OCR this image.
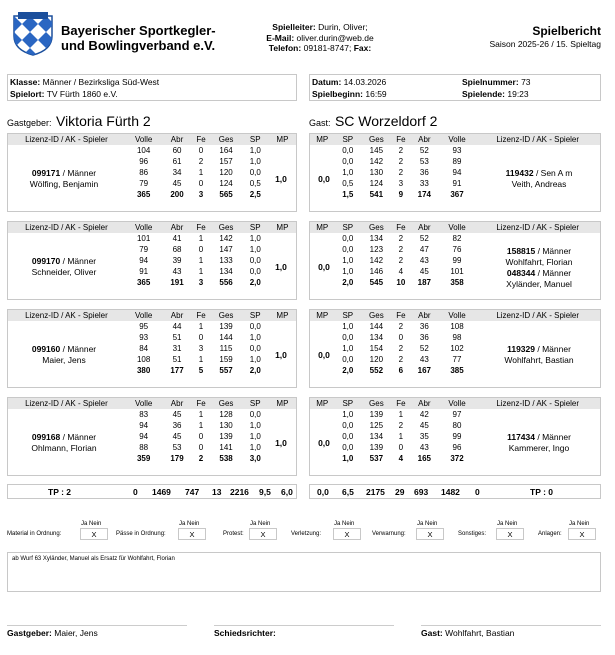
Bayerischer Sportkegler-
und Bowlingverband e.V.
Spielleiter: Durin, Oliver;
E-Mail: oliver.durin@web.de
Telefon: 09181-8747; Fax:
Spielbericht
Saison 2025-26 / 15. Spieltag
Klasse: Männer / Bezirksliga Süd-West
Spielort: TV Fürth 1860 e.V.
Datum: 14.03.2026
Spielbeginn: 16:59
Spielnummer: 73
Spielende: 19:23
Gastgeber: Viktoria Fürth 2	Gast: SC Worzeldorf 2
Lizenz-ID / AK - Spieler	Volle	Abr	Fe	Ges	SP	MP
	104	60	0	164	1,0	
	96	61	2	157	1,0	
	86	34	1	120	0,0	
	79	45	0	124	0,5	
	365	200	3	565	2,5	
1,0
099171 / Männer
Wölfing, Benjamin
MP	SP	Ges	Fe	Abr	Volle	Lizenz-ID / AK - Spieler
	0,0	145	2	52	93	
	0,0	142	2	53	89	
	1,0	130	2	36	94	
	0,5	124	3	33	91	
	1,5	541	9	174	367	
0,0
119432 / Sen A m
Veith, Andreas
Lizenz-ID / AK - Spieler	Volle	Abr	Fe	Ges	SP	MP
	101	41	1	142	1,0	
	79	68	0	147	1,0	
	94	39	1	133	0,0	
	91	43	1	134	0,0	
	365	191	3	556	2,0	
1,0
099170 / Männer
Schneider, Oliver
MP	SP	Ges	Fe	Abr	Volle	Lizenz-ID / AK - Spieler
	0,0	134	2	52	82	
	0,0	123	2	47	76	
	1,0	142	2	43	99	
	1,0	146	4	45	101	
	2,0	545	10	187	358	
0,0
158815 / Männer
Wohlfahrt, Florian
048344 / Männer
Xyländer, Manuel
Lizenz-ID / AK - Spieler	Volle	Abr	Fe	Ges	SP	MP
	95	44	1	139	0,0	
	93	51	0	144	1,0	
	84	31	3	115	0,0	
	108	51	1	159	1,0	
	380	177	5	557	2,0	
1,0
099160 / Männer
Maier, Jens
MP	SP	Ges	Fe	Abr	Volle	Lizenz-ID / AK - Spieler
	1,0	144	2	36	108	
	0,0	134	0	36	98	
	1,0	154	2	52	102	
	0,0	120	2	43	77	
	2,0	552	6	167	385	
0,0
119329 / Männer
Wohlfahrt, Bastian
Lizenz-ID / AK - Spieler	Volle	Abr	Fe	Ges	SP	MP
	83	45	1	128	0,0	
	94	36	1	130	1,0	
	94	45	0	139	1,0	
	88	53	0	141	1,0	
	359	179	2	538	3,0	
1,0
099168 / Männer
Ohlmann, Florian
MP	SP	Ges	Fe	Abr	Volle	Lizenz-ID / AK - Spieler
	1,0	139	1	42	97	
	0,0	125	2	45	80	
	0,0	134	1	35	99	
	0,0	139	0	43	96	
	1,0	537	4	165	372	
0,0
117434 / Männer
Kammerer, Ingo
TP : 2	0 1469 747 13 2216 9,5 6,0	0,0 6,5 2175 29 693 1482 0	TP : 0
Material in Ordnung:
Ja Nein
X	Pässe in Ordnung:
Ja Nein
X	Protest:
Ja Nein
X	Verletzung:
Ja Nein
X	Verwarnung:
Ja Nein
X	Sonstiges:
Ja Nein
X	Anlagen:
Ja Nein
X
ab Wurf 63 Xyländer, Manuel als Ersatz für Wohlfahrt, Florian
Gastgeber: Maier, Jens	Schiedsrichter:	Gast: Wohlfahrt, Bastian
